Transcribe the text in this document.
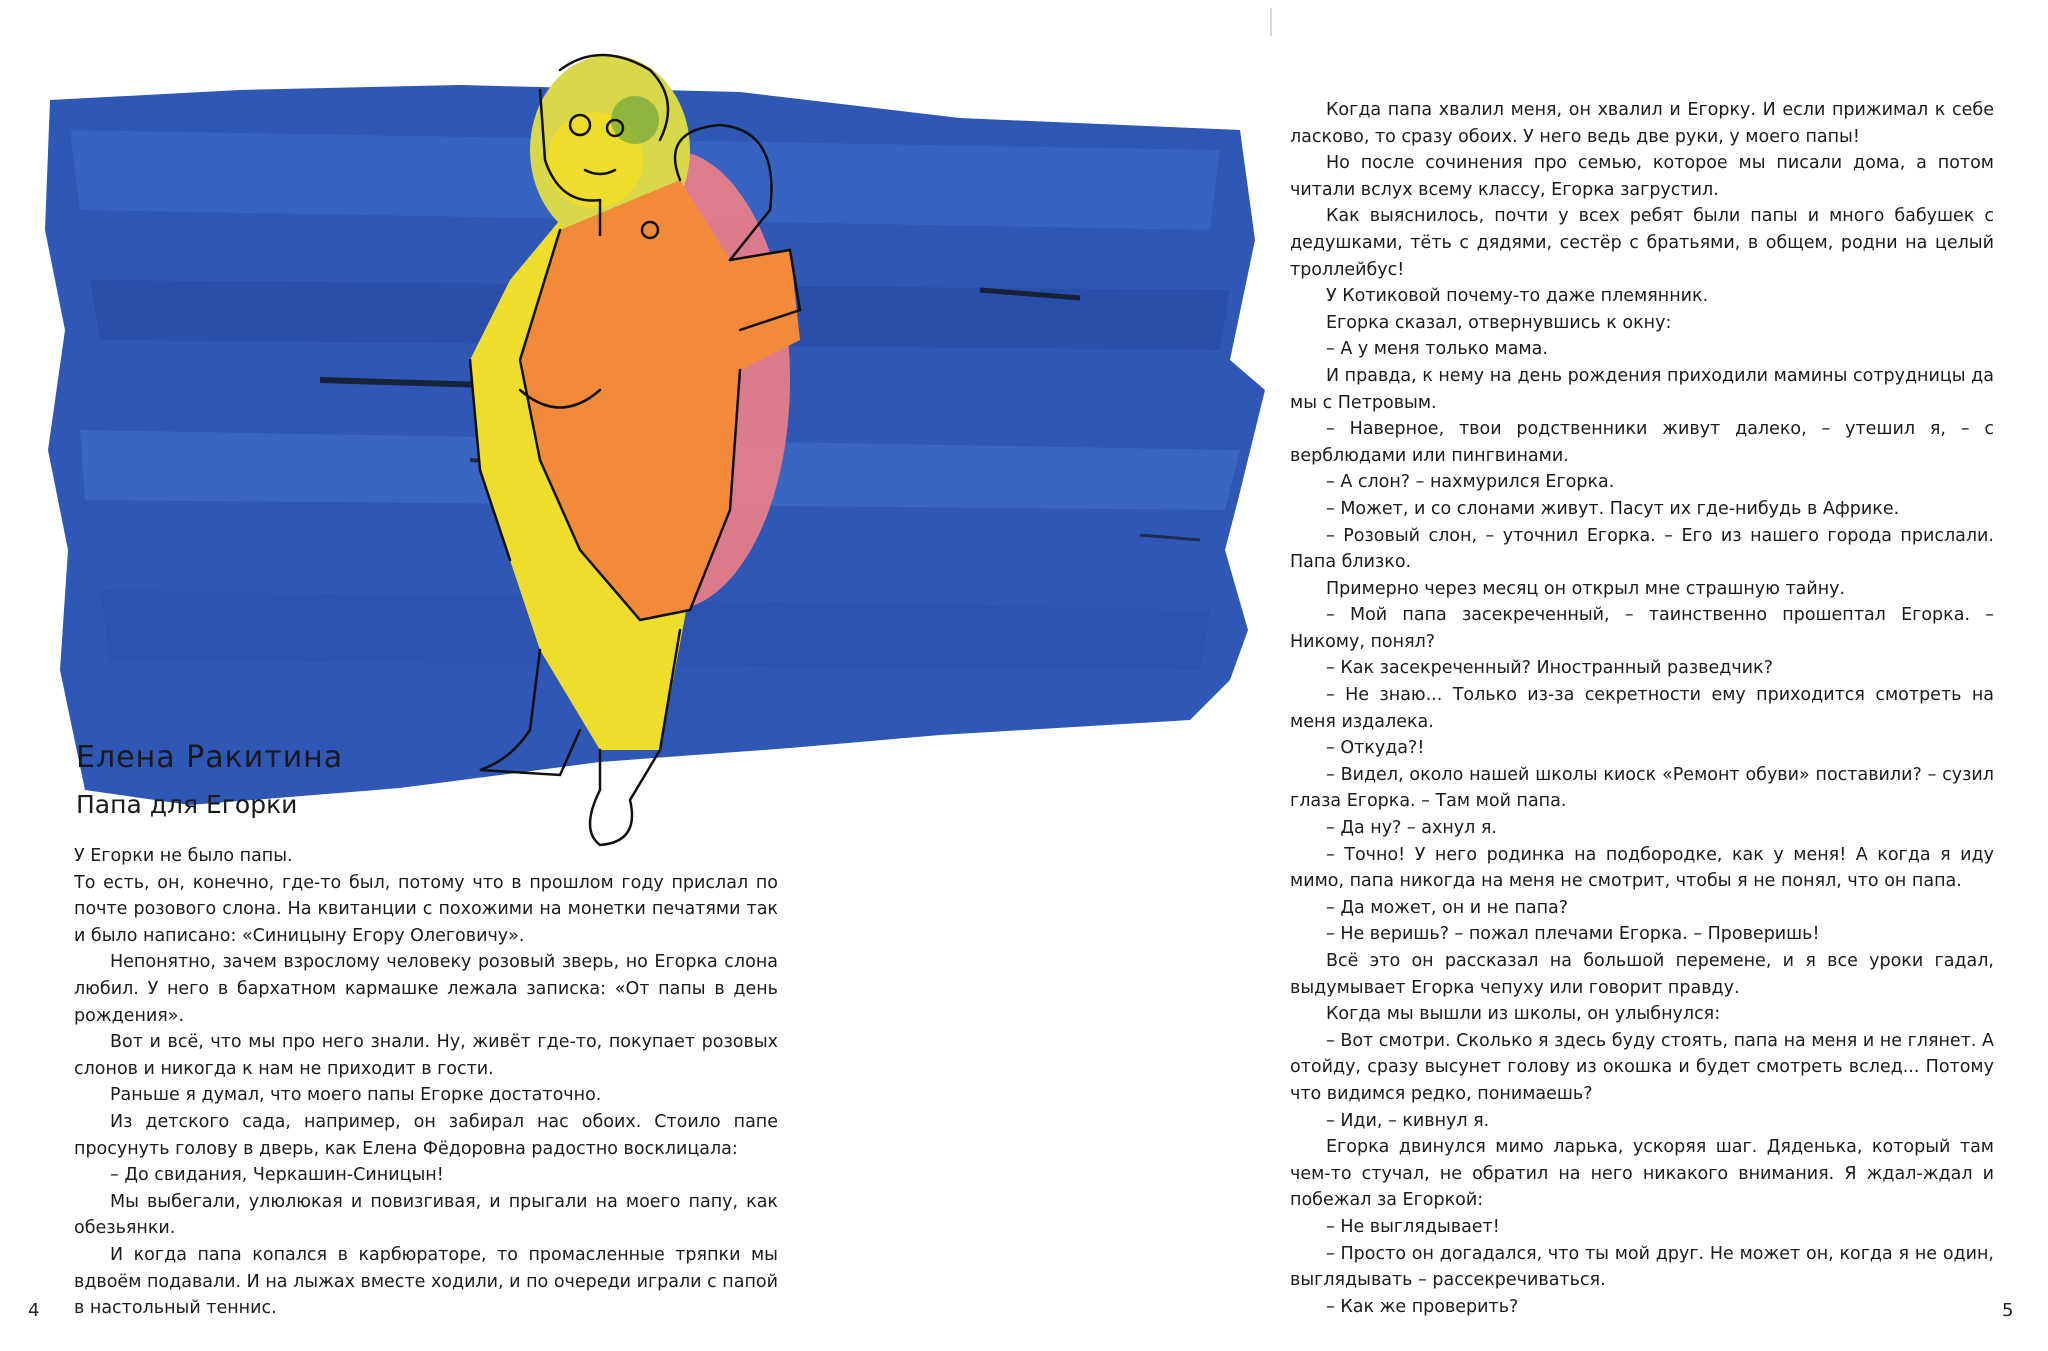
Елена Ракитина
Папа для Егорки

У Егорки не было папы.

То есть, он, конечно, где-то был, потому что в прошлом году прислал по почте розового слона. На квитанции с похожими на монетки печатями так и было написано: «Синицыну Егору Олеговичу».

Непонятно, зачем взрослому человеку розовый зверь, но Егорка слона любил. У него в бархатном кармашке лежала записка: «От папы в день рождения».

Вот и всё, что мы про него знали. Ну, живёт где-то, покупает розовых слонов и никогда к нам не приходит в гости.

Раньше я думал, что моего папы Егорке достаточно.

Из детского сада, например, он забирал нас обоих. Стоило папе просунуть голову в дверь, как Елена Фёдоровна радостно восклицала:

– До свидания, Черкашин-Синицын!

Мы выбегали, улюлюкая и повизгивая, и прыгали на моего папу, как обезьянки.

И когда папа копался в карбюраторе, то промасленные тряпки мы вдвоём подавали. И на лыжах вместе ходили, и по очереди играли с папой в настольный теннис.

Когда папа хвалил меня, он хвалил и Егорку. И если прижимал к себе ласково, то сразу обоих. У него ведь две руки, у моего папы!

Но после сочинения про семью, которое мы писали дома, а потом читали вслух всему классу, Егорка загрустил.

Как выяснилось, почти у всех ребят были папы и много бабушек с дедушками, тёть с дядями, сестёр с братьями, в общем, родни на целый троллейбус!

У Котиковой почему-то даже племянник.

Егорка сказал, отвернувшись к окну:

– А у меня только мама.

И правда, к нему на день рождения приходили мамины сотрудницы да мы с Петровым.

– Наверное, твои родственники живут далеко, – утешил я, – с верблюдами или пингвинами.

– А слон? – нахмурился Егорка.

– Может, и со слонами живут. Пасут их где-нибудь в Африке.

– Розовый слон, – уточнил Егорка. – Его из нашего города прислали. Папа близко.

Примерно через месяц он открыл мне страшную тайну.

– Мой папа засекреченный, – таинственно прошептал Егорка. – Никому, понял?

– Как засекреченный? Иностранный разведчик?

– Не знаю... Только из-за секретности ему приходится смотреть на меня издалека.

– Откуда?!

– Видел, около нашей школы киоск «Ремонт обуви» поставили? – сузил глаза Егорка. – Там мой папа.

– Да ну? – ахнул я.

– Точно! У него родинка на подбородке, как у меня! А когда я иду мимо, папа никогда на меня не смотрит, чтобы я не понял, что он папа.

– Да может, он и не папа?

– Не веришь? – пожал плечами Егорка. – Проверишь!

Всё это он рассказал на большой перемене, и я все уроки гадал, выдумывает Егорка чепуху или говорит правду.

Когда мы вышли из школы, он улыбнулся:

– Вот смотри. Сколько я здесь буду стоять, папа на меня и не глянет. А отойду, сразу высунет голову из окошка и будет смотреть вслед... Потому что видимся редко, понимаешь?

– Иди, – кивнул я.

Егорка двинулся мимо ларька, ускоряя шаг. Дяденька, который там чем-то стучал, не обратил на него никакого внимания. Я ждал-ждал и побежал за Егоркой:

– Не выглядывает!

– Просто он догадался, что ты мой друг. Не может он, когда я не один, выглядывать – рассекречиваться.

– Как же проверить?

4	5
